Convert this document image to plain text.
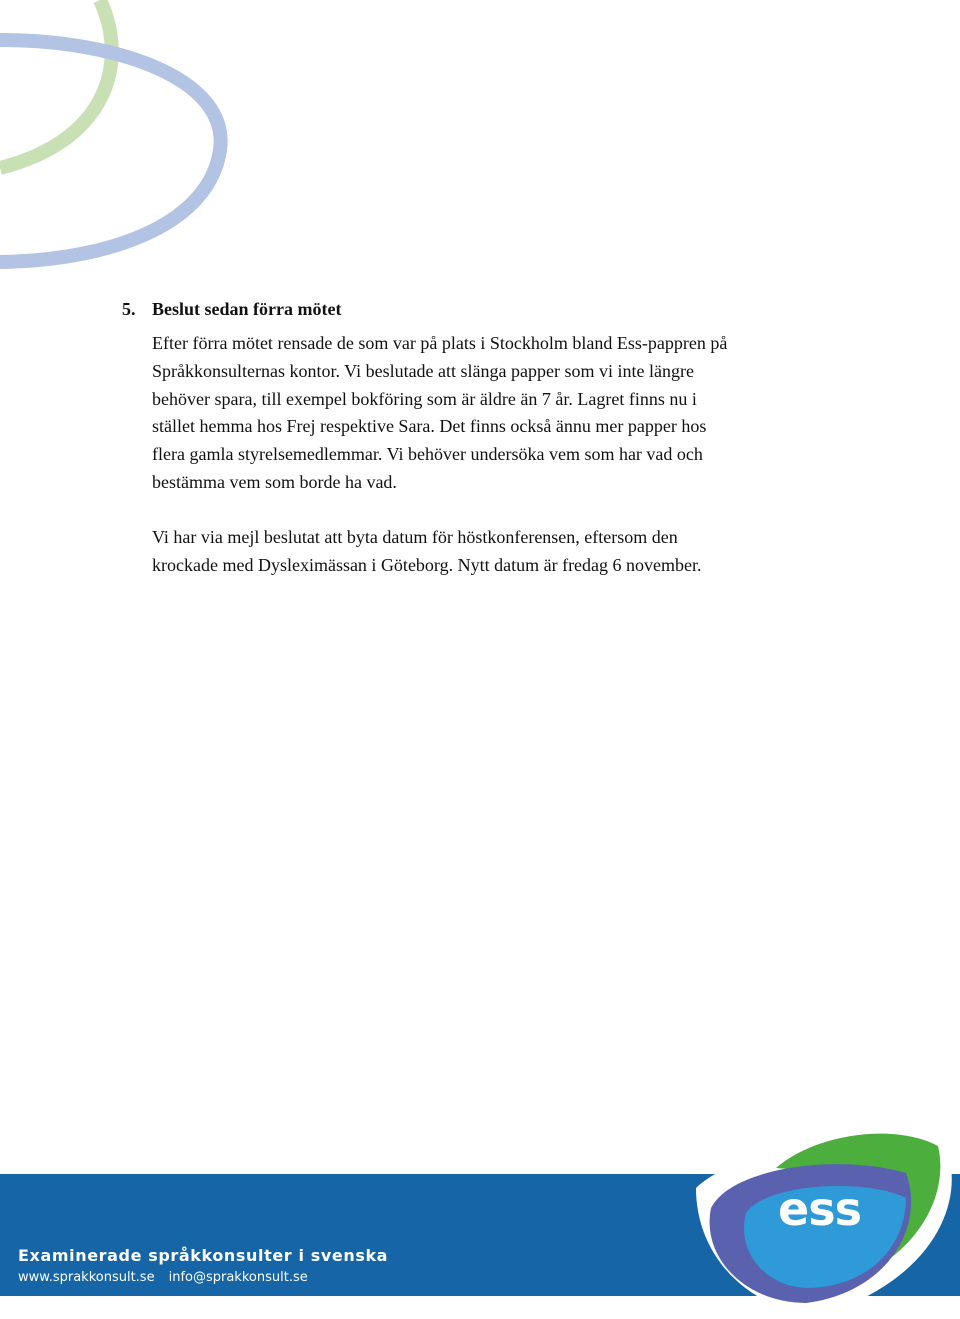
5. Beslut sedan förra mötet

Efter förra mötet rensade de som var på plats i Stockholm bland Ess-pappren på Språkkonsulternas kontor. Vi beslutade att slänga papper som vi inte längre behöver spara, till exempel bokföring som är äldre än 7 år. Lagret finns nu i stället hemma hos Frej respektive Sara. Det finns också ännu mer papper hos flera gamla styrelsemedlemmar. Vi behöver undersöka vem som har vad och bestämma vem som borde ha vad.

Vi har via mejl beslutat att byta datum för höstkonferensen, eftersom den krockade med Dysleximässan i Göteborg. Nytt datum är fredag 6 november.

Examinerade språkkonsulter i svenska
www.sprakkonsult.se info@sprakkonsult.se
ess
